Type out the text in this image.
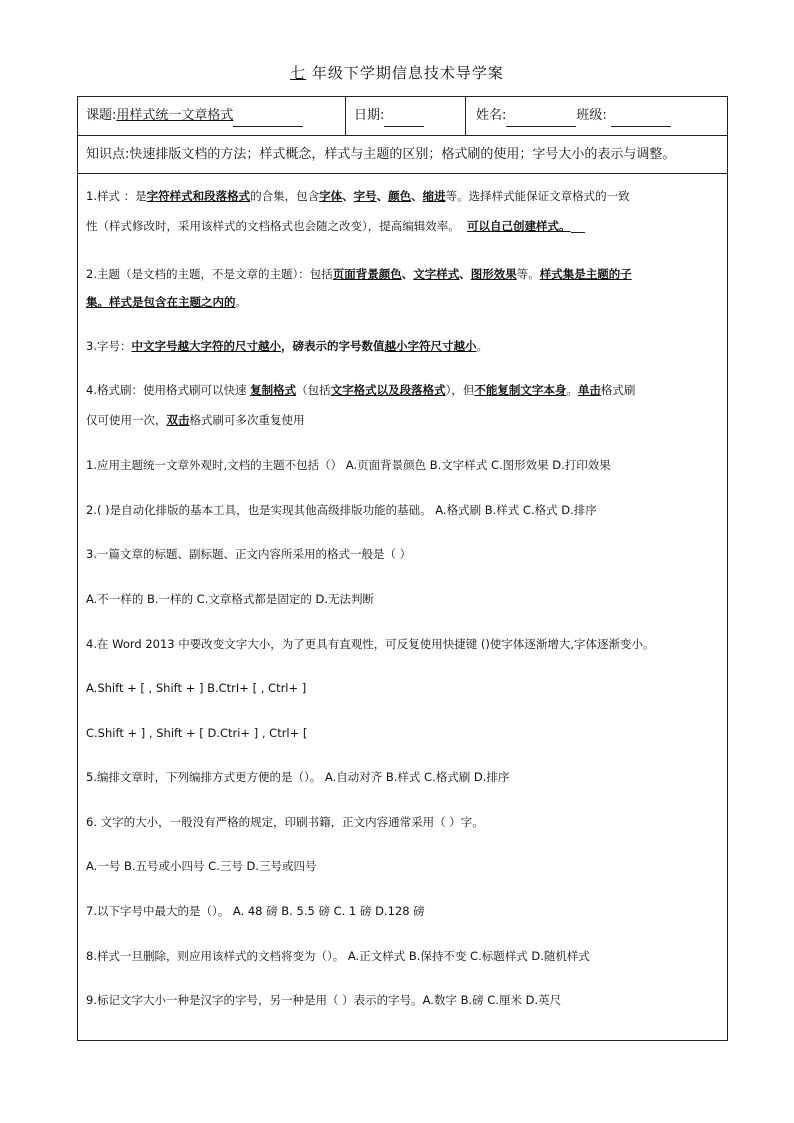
七 年级下学期信息技术导学案
课题:用样式统一文章格式	日期:	姓名:	班级:
知识点:快速排版文档的方法；样式概念，样式与主题的区别；格式刷的使用；字号大小的表示与调整。
1.样式 ：是字符样式和段落格式的合集，包含字体、字号、颜色、缩进等。选择样式能保证文章格式的一致
性（样式修改时，采用该样式的文档格式也会随之改变），提高编辑效率。 可以自己创建样式。
2.主题（是文档的主题，不是文章的主题）：包括页面背景颜色、文字样式、图形效果等。样式集是主题的子
集。样式是包含在主题之内的。
3.字号：中文字号越大字符的尺寸越小，磅表示的字号数值越小字符尺寸越小。
4.格式刷：使用格式刷可以快速 复制格式（包括文字格式以及段落格式），但不能复制文字本身。单击格式刷
仅可使用一次，双击格式刷可多次重复使用
1.应用主题统一文章外观时,文档的主题不包括（） A.页面背景颜色 B.文字样式 C.图形效果 D.打印效果
2.( )是自动化排版的基本工具，也是实现其他高级排版功能的基础。 A.格式刷 B.样式 C.格式 D.排序
3.一篇文章的标题、副标题、正文内容所采用的格式一般是（ ）
A.不一样的 B.一样的 C.文章格式都是固定的 D.无法判断
4.在 Word 2013 中要改变文字大小，为了更具有直观性，可反复使用快捷键 ()使字体逐渐增大,字体逐渐变小。
A.Shift + [ , Shift + ] B.CtrI+ [ , Ctrl+ ]
C.Shift + ] , Shift + [ D.Ctri+ ] , Ctrl+ [
5.编排文章时，下列编排方式更方便的是（）。 A.自动对齐 B.样式 C.格式刷 D.排序
6. 文字的大小，一般没有严格的规定，印刷书籍，正文内容通常采用（ ）字。
A.一号 B.五号或小四号 C.三号 D.三号或四号
7.以下字号中最大的是（）。 A. 48 磅 B. 5.5 磅 C. 1 磅 D.128 磅
8.样式一旦删除，则应用该样式的文档将变为（）。 A.正文样式 B.保持不变 C.标题样式 D.随机样式
9.标记文字大小一种是汉字的字号，另一种是用（ ）表示的字号。A.数字 B.磅 C.厘米 D.英尺
